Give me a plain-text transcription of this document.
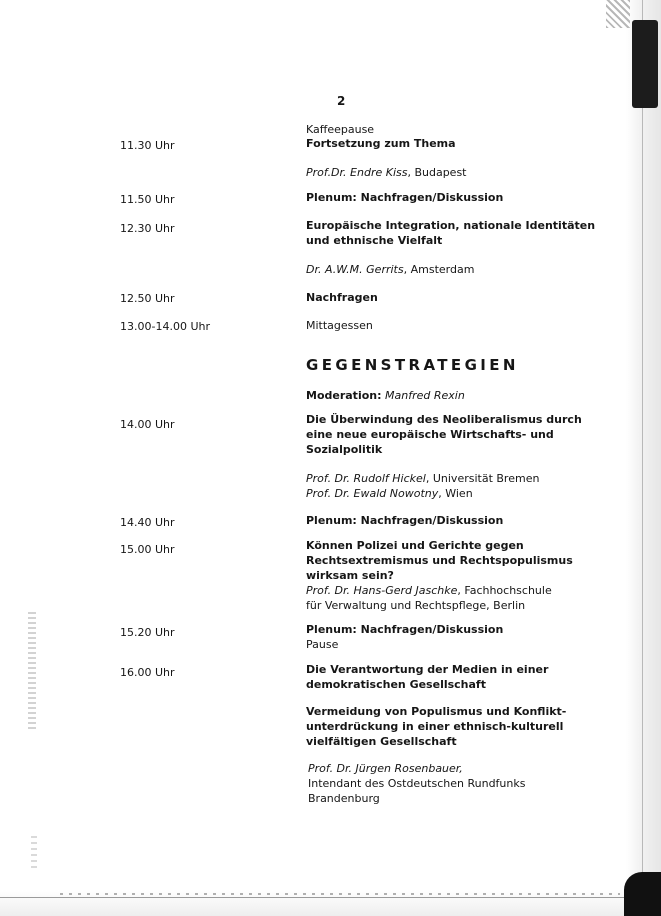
2
Kaffeepause
11.30 Uhr	Fortsetzung zum Thema
Prof.Dr. Endre Kiss, Budapest
11.50 Uhr	Plenum: Nachfragen/Diskussion
12.30 Uhr	Europäische Integration, nationale Identitäten
und ethnische Vielfalt
Dr. A.W.M. Gerrits, Amsterdam
12.50 Uhr	Nachfragen
13.00-14.00 Uhr	Mittagessen
GEGENSTRATEGIEN
Moderation: Manfred Rexin
14.00 Uhr	Die Überwindung des Neoliberalismus durch
eine neue europäische Wirtschafts- und
Sozialpolitik
Prof. Dr. Rudolf Hickel, Universität Bremen
Prof. Dr. Ewald Nowotny, Wien
14.40 Uhr	Plenum: Nachfragen/Diskussion
15.00 Uhr	Können Polizei und Gerichte gegen
Rechtsextremismus und Rechtspopulismus
wirksam sein?
Prof. Dr. Hans-Gerd Jaschke, Fachhochschule
für Verwaltung und Rechtspflege, Berlin
15.20 Uhr	Plenum: Nachfragen/Diskussion
Pause
16.00 Uhr	Die Verantwortung der Medien in einer
demokratischen Gesellschaft
Vermeidung von Populismus und Konflikt-
unterdrückung in einer ethnisch-kulturell
vielfältigen Gesellschaft
Prof. Dr. Jürgen Rosenbauer,
Intendant des Ostdeutschen Rundfunks
Brandenburg
